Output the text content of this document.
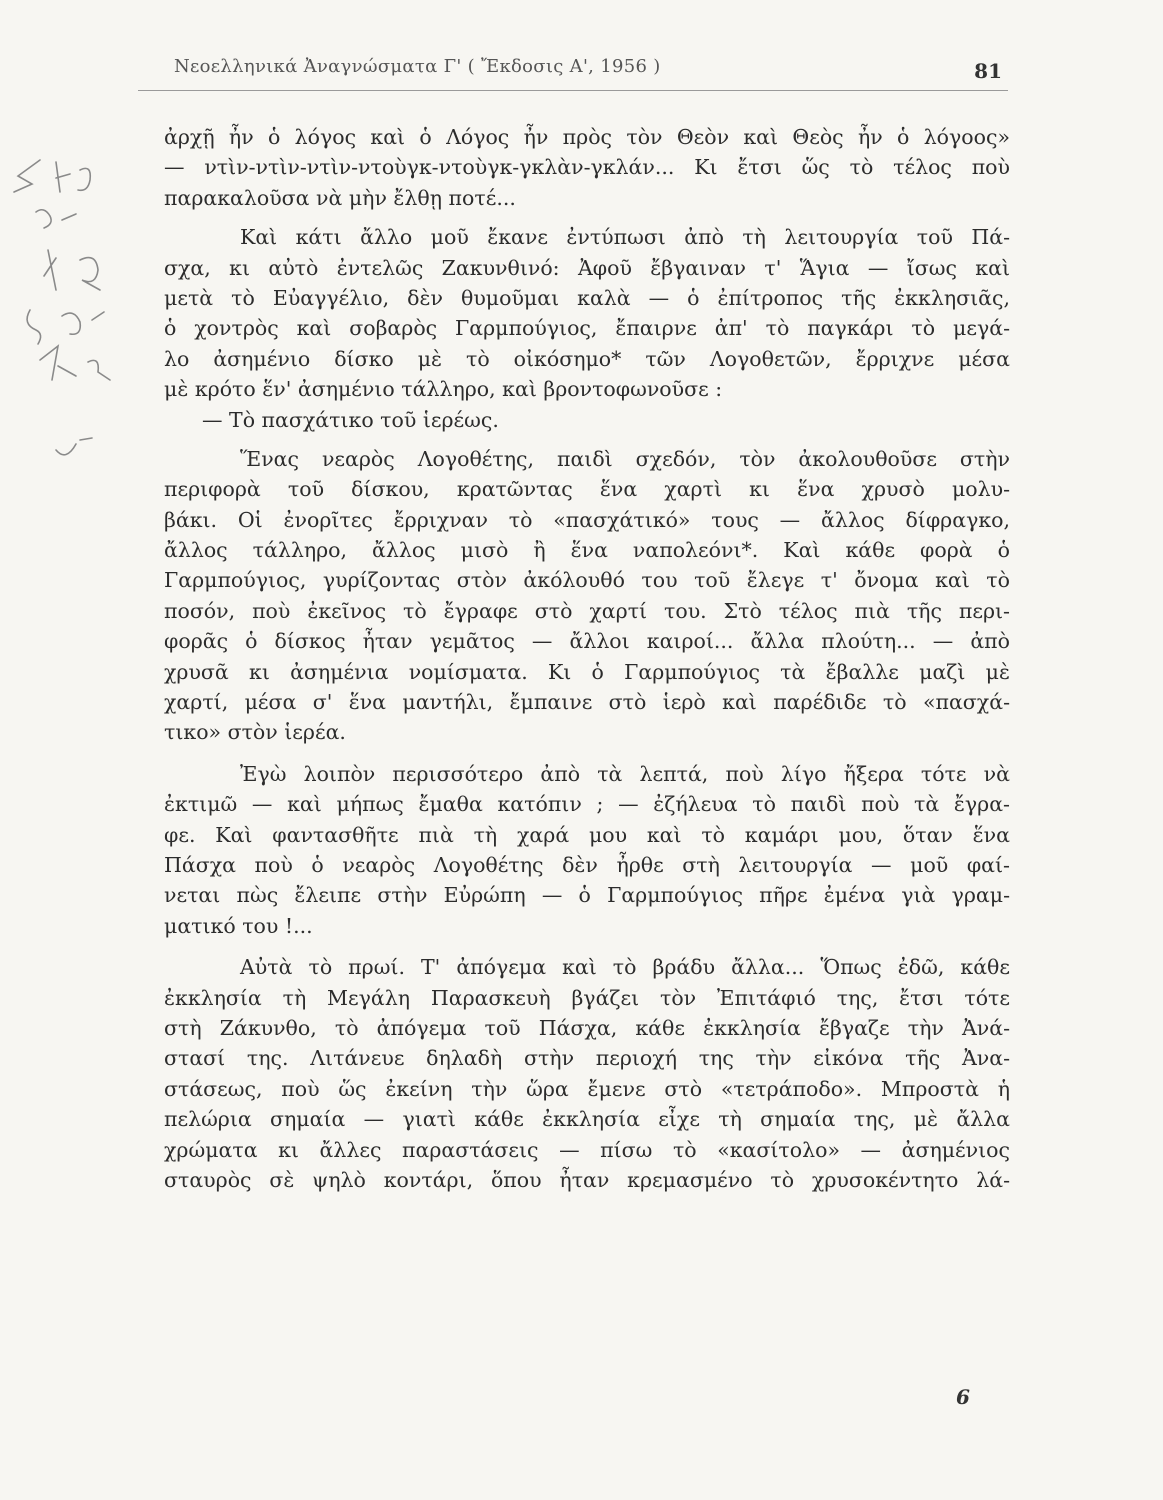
Νεοελληνικά Ἀναγνώσματα Γ' ( Ἔκδοσις Α', 1956 )	81
ἀρχῇ ἦν ὁ λόγος καὶ ὁ Λόγος ἦν πρὸς τὸν Θεὸν καὶ Θεὸς ἦν ὁ λόγοος»
— ντὶν-ντὶν-ντὶν-ντοὺγκ-ντοὺγκ-γκλὰν-γκλάν... Κι ἔτσι ὥς τὸ τέλος ποὺ
παρακαλοῦσα νὰ μὴν ἔλθῃ ποτέ...
Καὶ κάτι ἄλλο μοῦ ἔκανε ἐντύπωσι ἀπὸ τὴ λειτουργία τοῦ Πά-
σχα, κι αὐτὸ ἐντελῶς Ζακυνθινό: Ἀφοῦ ἔβγαιναν τ' Ἅγια — ἴσως καὶ
μετὰ τὸ Εὐαγγέλιο, δὲν θυμοῦμαι καλὰ — ὁ ἐπίτροπος τῆς ἐκκλησιᾶς,
ὁ χοντρὸς καὶ σοβαρὸς Γαρμπούγιος, ἔπαιρνε ἀπ' τὸ παγκάρι τὸ μεγά-
λο ἀσημένιο δίσκο μὲ τὸ οἰκόσημο* τῶν Λογοθετῶν, ἔρριχνε μέσα
μὲ κρότο ἕν' ἀσημένιο τάλληρο, καὶ βροντοφωνοῦσε :
— Τὸ πασχάτικο τοῦ ἱερέως.
Ἕνας νεαρὸς Λογοθέτης, παιδὶ σχεδόν, τὸν ἀκολουθοῦσε στὴν
περιφορὰ τοῦ δίσκου, κρατῶντας ἕνα χαρτὶ κι ἕνα χρυσὸ μολυ-
βάκι. Οἱ ἐνορῖτες ἔρριχναν τὸ «πασχάτικό» τους — ἄλλος δίφραγκο,
ἄλλος τάλληρο, ἄλλος μισὸ ἢ ἕνα ναπολεόνι*. Καὶ κάθε φορὰ ὁ
Γαρμπούγιος, γυρίζοντας στὸν ἀκόλουθό του τοῦ ἔλεγε τ' ὄνομα καὶ τὸ
ποσόν, ποὺ ἐκεῖνος τὸ ἔγραφε στὸ χαρτί του. Στὸ τέλος πιὰ τῆς περι-
φορᾶς ὁ δίσκος ἦταν γεμᾶτος — ἄλλοι καιροί... ἄλλα πλούτη... — ἀπὸ
χρυσᾶ κι ἀσημένια νομίσματα. Κι ὁ Γαρμπούγιος τὰ ἔβαλλε μαζὶ μὲ
χαρτί, μέσα σ' ἕνα μαντήλι, ἔμπαινε στὸ ἱερὸ καὶ παρέδιδε τὸ «πασχά-
τικο» στὸν ἱερέα.
Ἐγὼ λοιπὸν περισσότερο ἀπὸ τὰ λεπτά, ποὺ λίγο ἤξερα τότε νὰ
ἐκτιμῶ — καὶ μήπως ἔμαθα κατόπιν ; — ἐζήλευα τὸ παιδὶ ποὺ τὰ ἔγρα-
φε. Καὶ φαντασθῆτε πιὰ τὴ χαρά μου καὶ τὸ καμάρι μου, ὅταν ἕνα
Πάσχα ποὺ ὁ νεαρὸς Λογοθέτης δὲν ἦρθε στὴ λειτουργία — μοῦ φαί-
νεται πὼς ἔλειπε στὴν Εὐρώπη — ὁ Γαρμπούγιος πῆρε ἐμένα γιὰ γραμ-
ματικό του !...
Αὐτὰ τὸ πρωί. Τ' ἀπόγεμα καὶ τὸ βράδυ ἄλλα... Ὅπως ἐδῶ, κάθε
ἐκκλησία τὴ Μεγάλη Παρασκευὴ βγάζει τὸν Ἐπιτάφιό της, ἔτσι τότε
στὴ Ζάκυνθο, τὸ ἀπόγεμα τοῦ Πάσχα, κάθε ἐκκλησία ἔβγαζε τὴν Ἀνά-
στασί της. Λιτάνευε δηλαδὴ στὴν περιοχή της τὴν εἰκόνα τῆς Ἀνα-
στάσεως, ποὺ ὥς ἐκείνη τὴν ὥρα ἔμενε στὸ «τετράποδο». Μπροστὰ ἡ
πελώρια σημαία — γιατὶ κάθε ἐκκλησία εἶχε τὴ σημαία της, μὲ ἄλλα
χρώματα κι ἄλλες παραστάσεις — πίσω τὸ «κασίτολο» — ἀσημένιος
σταυρὸς σὲ ψηλὸ κοντάρι, ὅπου ἦταν κρεμασμένο τὸ χρυσοκέντητο λά-
6
